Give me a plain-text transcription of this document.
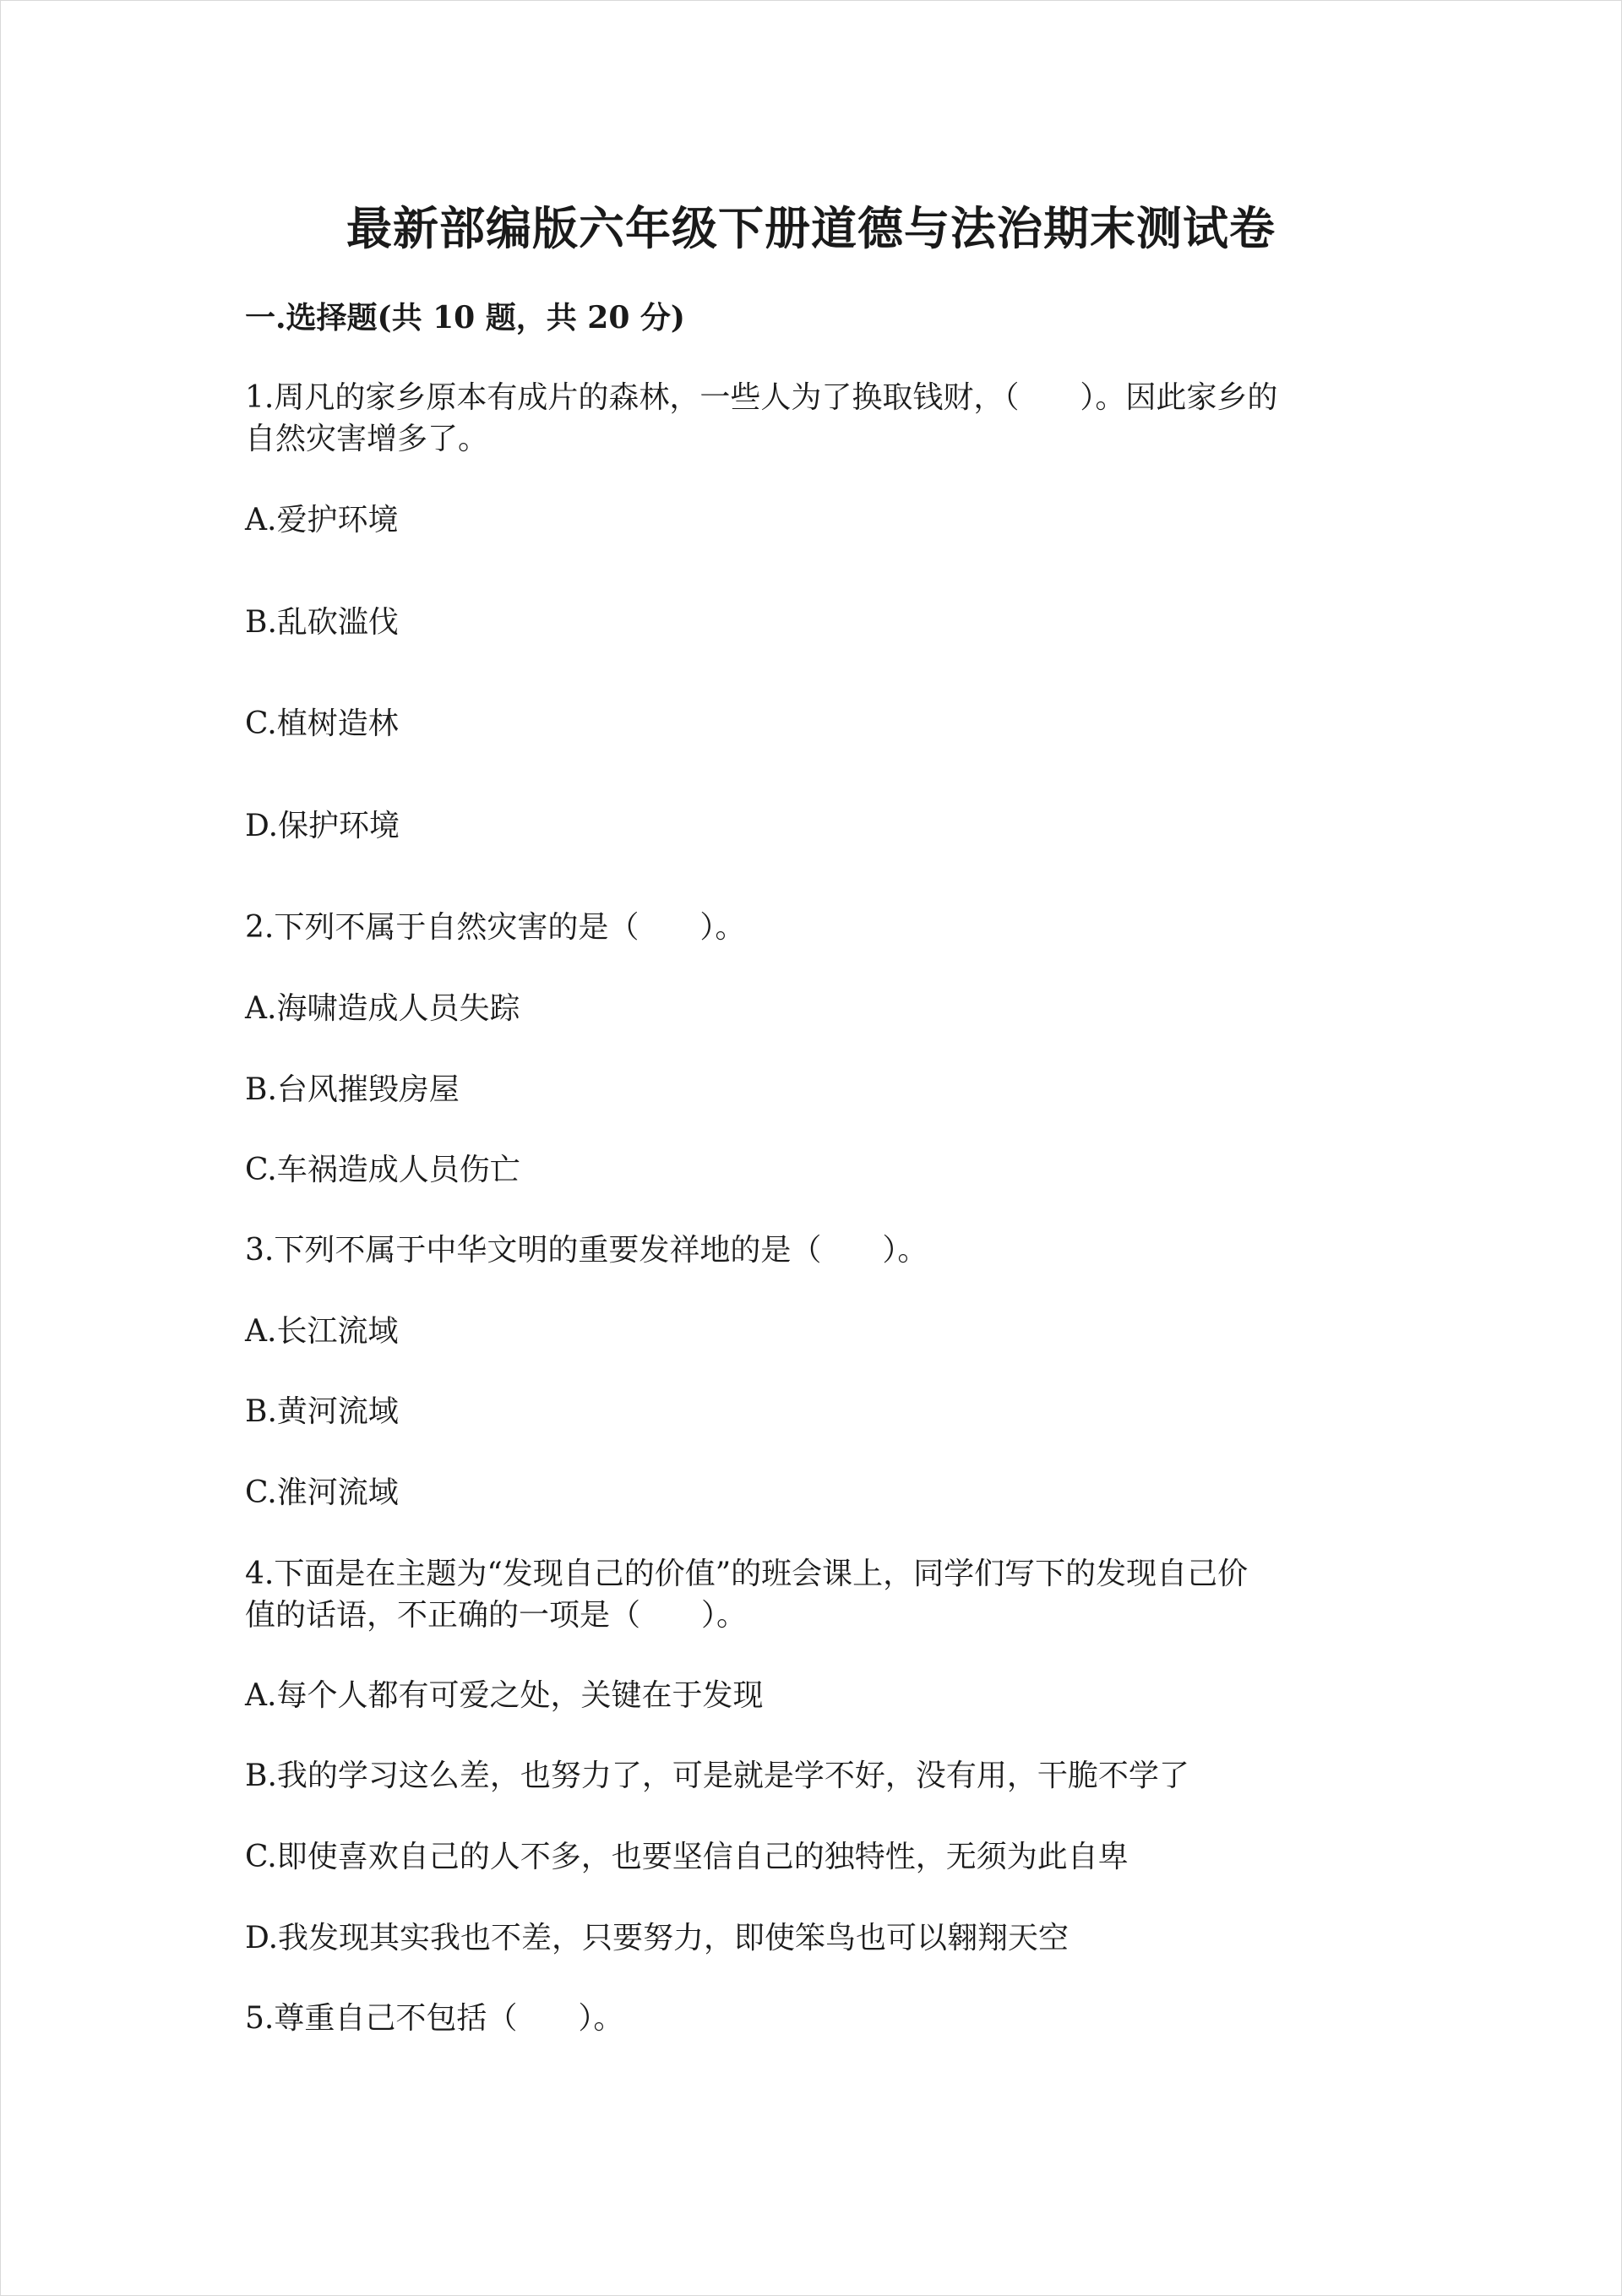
最新部编版六年级下册道德与法治期末测试卷
一.选择题(共 10 题，共 20 分)

1.周凡的家乡原本有成片的森林，一些人为了换取钱财，（　　）。因此家乡的

自然灾害增多了。

A.爱护环境

B.乱砍滥伐

C.植树造林

D.保护环境

2.下列不属于自然灾害的是（　　）。

A.海啸造成人员失踪

B.台风摧毁房屋

C.车祸造成人员伤亡

3.下列不属于中华文明的重要发祥地的是（　　）。

A.长江流域

B.黄河流域

C.淮河流域

4.下面是在主题为“发现自己的价值”的班会课上，同学们写下的发现自己价

值的话语，不正确的一项是（　　）。

A.每个人都有可爱之处，关键在于发现

B.我的学习这么差，也努力了，可是就是学不好，没有用，干脆不学了

C.即使喜欢自己的人不多，也要坚信自己的独特性，无须为此自卑

D.我发现其实我也不差，只要努力，即使笨鸟也可以翱翔天空

5.尊重自己不包括（　　）。
